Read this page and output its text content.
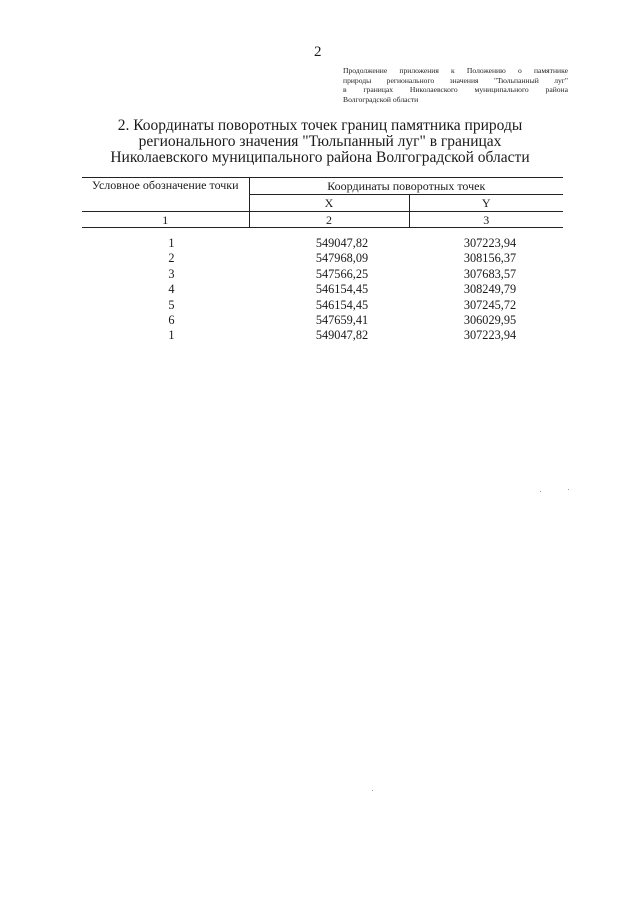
2
Продолжение приложения к Положению о памятнике
природы регионального значения "Тюльпанный луг"
в границах Николаевского муниципального района
Волгоградской области
2. Координаты поворотных точек границ памятника природы
регионального значения "Тюльпанный луг" в границах
Николаевского муниципального района Волгоградской области
Условное обозначение точки	Координаты поворотных точек	
	X	Y
1	2	3

1	549047,82	307223,94
2	547968,09	308156,37
3	547566,25	307683,57
4	546154,45	308249,79
5	546154,45	307245,72
6	547659,41	306029,95
1	549047,82	307223,94
